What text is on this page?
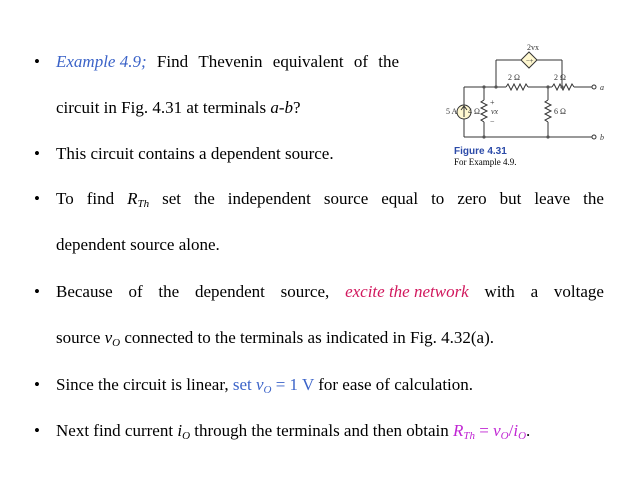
• Example 4.9; Find Thevenin equivalent of the
circuit in Fig. 4.31 at terminals a-b?
• This circuit contains a dependent source.
• To find $R_{Th}$ set the independent source equal to zero but leave the
dependent source alone.
• Because of the dependent source, excite the network with a voltage
source $v_O$ connected to the terminals as indicated in Fig. 4.32(a).
• Since the circuit is linear, set $v_O = 1$ V for ease of calculation.
• Next find current $i_O$ through the terminals and then obtain $R_{Th} = v_O/i_O$.
2vx
− +
2 Ω	2 Ω
5 A 4 Ω
+
vx
−
6 Ω
a
b
Figure 4.31
For Example 4.9.
